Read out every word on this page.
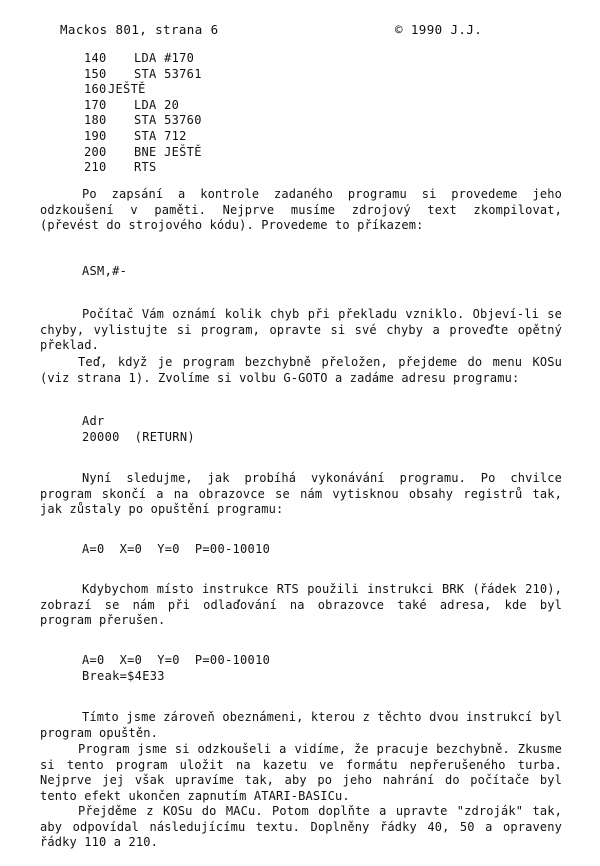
Mackos 801, strana 6	© 1990 J.J.
140 LDA #170
150 STA 53761
160JEŠTĚ
170 LDA 20
180 STA 53760
190 STA 712
200 BNE JEŠTĚ
210 RTS
Po zapsání a kontrole zadaného programu si provedeme jeho odzkoušení v paměti. Nejprve musíme zdrojový text zkompilovat, (převést do strojového kódu). Provedeme to příkazem:
ASM,#-
Počítač Vám oznámí kolik chyb při překladu vzniklo. Objeví-li se chyby, vylistujte si program, opravte si své chyby a proveďte opětný překlad.
Teď, když je program bezchybně přeložen, přejdeme do menu KOSu (viz strana 1). Zvolíme si volbu G-GOTO a zadáme adresu programu:
Adr
20000  (RETURN)
Nyní sledujme, jak probíhá vykonávání programu. Po chvilce program skončí a na obrazovce se nám vytisknou obsahy registrů tak, jak zůstaly po opuštění programu:
A=0  X=0  Y=0  P=00-10010
Kdybychom místo instrukce RTS použili instrukci BRK (řádek 210), zobrazí se nám při odlaďování na obrazovce také adresa, kde byl program přerušen.
A=0  X=0  Y=0  P=00-10010
Break=$4E33
Tímto jsme zároveň obeznámeni, kterou z těchto dvou instrukcí byl program opuštěn.
Program jsme si odzkoušeli a vidíme, že pracuje bezchybně. Zkusme si tento program uložit na kazetu ve formátu nepřerušeného turba. Nejprve jej však upravíme tak, aby po jeho nahrání do počítače byl tento efekt ukončen zapnutím ATARI-BASICu.
Přejděme z KOSu do MACu. Potom doplňte a upravte "zdroják" tak, aby odpovídal následujícímu textu. Doplněny řádky 40, 50 a opraveny řádky 110 a 210.
